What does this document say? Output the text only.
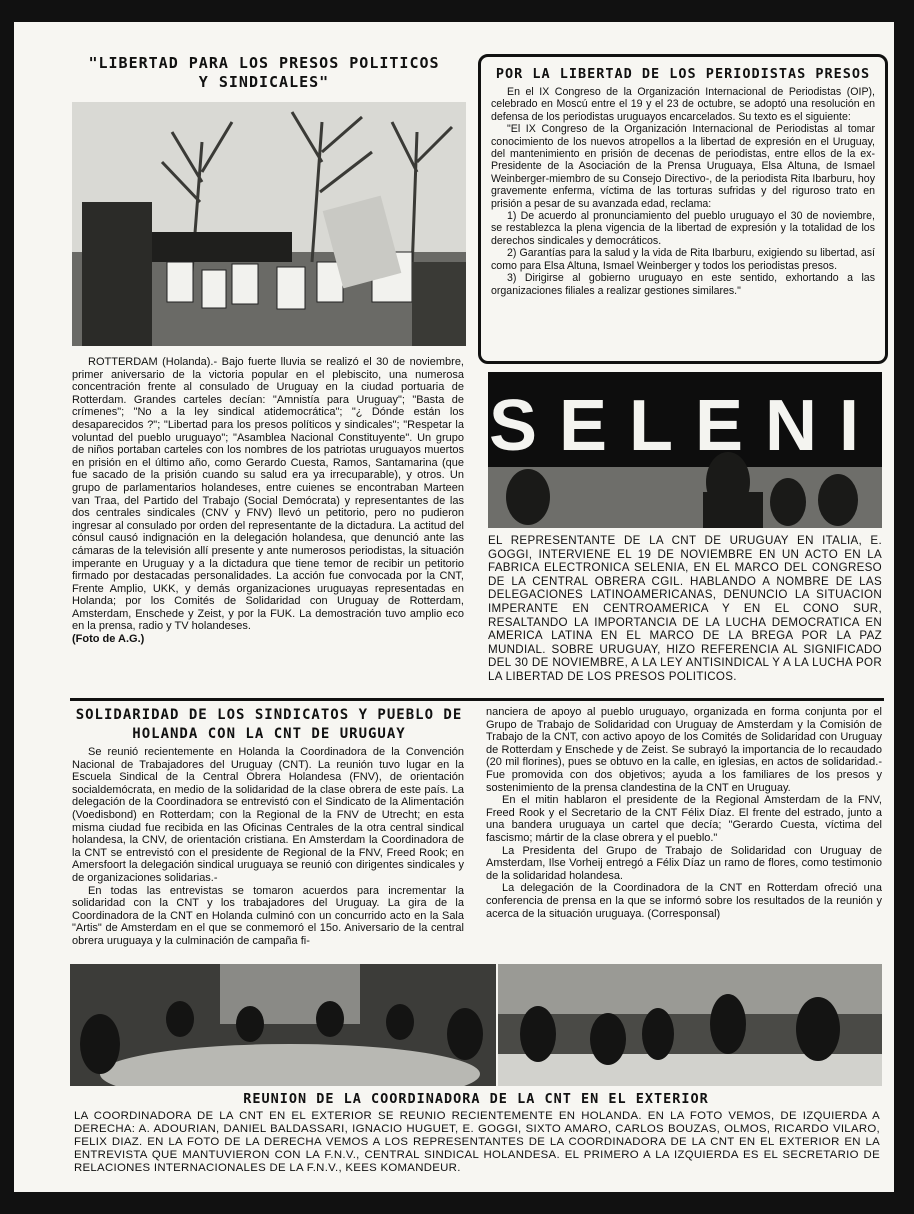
"LIBERTAD PARA LOS PRESOS POLITICOS
Y SINDICALES"

ROTTERDAM (Holanda).- Bajo fuerte lluvia se realizó el 30 de noviembre, primer aniversario de la victoria popular en el plebiscito, una numerosa concentración frente al consulado de Uruguay en la ciudad portuaria de Rotterdam. Grandes carteles decían: "Amnistía para Uruguay"; "Basta de crímenes"; "No a la ley sindical atidemocrática"; "¿ Dónde están los desaparecidos ?"; "Libertad para los presos políticos y sindicales"; "Respetar la voluntad del pueblo uruguayo"; "Asamblea Nacional Constituyente". Un grupo de niños portaban carteles con los nombres de los patriotas uruguayos muertos en prisión en el último año, como Gerardo Cuesta, Ramos, Santamarina (que fue sacado de la prisión cuando su salud era ya irrecuparable), y otros. Un grupo de parlamentarios holandeses, entre cuienes se encontraban Marteen van Traa, del Partido del Trabajo (Social Demócrata) y representantes de las dos centrales sindicales (CNV y FNV) llevó un petitorio, pero no pudieron ingresar al consulado por orden del representante de la dictadura. La actitud del cónsul causó indignación en la delegación holandesa, que denunció ante las cámaras de la televisión allí presente y ante numerosos periodistas, la situación imperante en Uruguay y a la dictadura que tiene temor de recibir un petitorio firmado por destacadas personalidades. La acción fue convocada por la CNT, Frente Amplio, UKK, y demás organizaciones uruguayas representadas en Holanda; por los Comités de Solidaridad con Uruguay de Rotterdam, Amsterdam, Enschede y Zeist, y por la FUK. La demostración tuvo amplio eco en la prensa, radio y TV holandeses.

(Foto de A.G.)
POR LA LIBERTAD DE LOS PERIODISTAS PRESOS

En el IX Congreso de la Organización Internacional de Periodistas (OIP), celebrado en Moscú entre el 19 y el 23 de octubre, se adoptó una resolución en defensa de los periodistas uruguayos encarcelados. Su texto es el siguiente:

"El IX Congreso de la Organización Internacional de Periodistas al tomar conocimiento de los nuevos atropellos a la libertad de expresión en el Uruguay, del mantenimiento en prisión de decenas de periodistas, entre ellos de la ex-Presidente de la Asociación de la Prensa Uruguaya, Elsa Altuna, de Ismael Weinberger-miembro de su Consejo Directivo-, de la periodista Rita Ibarburu, hoy gravemente enferma, víctima de las torturas sufridas y del riguroso trato en prisión a pesar de su avanzada edad, reclama:

1) De acuerdo al pronunciamiento del pueblo uruguayo el 30 de noviembre, se restablezca la plena vigencia de la libertad de expresión y la totalidad de los derechos sindicales y democráticos.

2) Garantías para la salud y la vida de Rita Ibarburu, exigiendo su libertad, así como para Elsa Altuna, Ismael Weinberger y todos los periodistas presos.

3) Dirigirse al gobierno uruguayo en este sentido, exhortando a las organizaciones filiales a realizar gestiones similares."

SELENI
EL REPRESENTANTE DE LA CNT DE URUGUAY EN ITALIA, E. GOGGI, INTERVIENE EL 19 DE NOVIEMBRE EN UN ACTO EN LA FABRICA ELECTRONICA SELENIA, EN EL MARCO DEL CONGRESO DE LA CENTRAL OBRERA CGIL. HABLANDO A NOMBRE DE LAS DELEGACIONES LATINOAMERICANAS, DENUNCIO LA SITUACION IMPERANTE EN CENTROAMERICA Y EN EL CONO SUR, RESALTANDO LA IMPORTANCIA DE LA LUCHA DEMOCRATICA EN AMERICA LATINA EN EL MARCO DE LA BREGA POR LA PAZ MUNDIAL. SOBRE URUGUAY, HIZO REFERENCIA AL SIGNIFICADO DEL 30 DE NOVIEMBRE, A LA LEY ANTISINDICAL Y A LA LUCHA POR LA LIBERTAD DE LOS PRESOS POLITICOS.
SOLIDARIDAD DE LOS SINDICATOS Y PUEBLO DE
HOLANDA CON LA CNT DE URUGUAY

Se reunió recientemente en Holanda la Coordinadora de la Convención Nacional de Trabajadores del Uruguay (CNT). La reunión tuvo lugar en la Escuela Sindical de la Central Obrera Holandesa (FNV), de orientación socialdemócrata, en medio de la solidaridad de la clase obrera de este país. La delegación de la Coordinadora se entrevistó con el Sindicato de la Alimentación (Voedisbond) en Rotterdam; con la Regional de la FNV de Utrecht; en esta misma ciudad fue recibida en las Oficinas Centrales de la otra central sindical holandesa, la CNV, de orientación cristiana. En Amsterdam la Coordinadora de la CNT se entrevistó con el presidente de Regional de la FNV, Freed Rook; en Amersfoort la delegación sindical uruguaya se reunió con dirigentes sindicales y de organizaciones solidarias.-

En todas las entrevistas se tomaron acuerdos para incrementar la solidaridad con la CNT y los trabajadores del Uruguay. La gira de la Coordinadora de la CNT en Holanda culminó con un concurrido acto en la Sala "Artis" de Amsterdam en el que se conmemoró el 15o. Aniversario de la central obrera uruguaya y la culminación de campaña fi-

nanciera de apoyo al pueblo uruguayo, organizada en forma conjunta por el Grupo de Trabajo de Solidaridad con Uruguay de Amsterdam y la Comisión de Trabajo de la CNT, con activo apoyo de los Comités de Solidaridad con Uruguay de Rotterdam y Enschede y de Zeist. Se subrayó la importancia de lo recaudado (20 mil florines), pues se obtuvo en la calle, en iglesias, en actos de solidaridad.- Fue promovida con dos objetivos; ayuda a los familiares de los presos y sostenimiento de la prensa clandestina de la CNT en Uruguay.

En el mitin hablaron el presidente de la Regional Amsterdam de la FNV, Freed Rook y el Secretario de la CNT Félix Díaz. El frente del estrado, junto a una bandera uruguaya un cartel que decía; "Gerardo Cuesta, víctima del fascismo; mártir de la clase obrera y el pueblo."

La Presidenta del Grupo de Trabajo de Solidaridad con Uruguay de Amsterdam, Ilse Vorheij entregó a Félix Díaz un ramo de flores, como testimonio de la solidaridad holandesa.

La delegación de la Coordinadora de la CNT en Rotterdam ofreció una conferencia de prensa en la que se informó sobre los resultados de la reunión y acerca de la situación uruguaya. (Corresponsal)

REUNION DE LA COORDINADORA DE LA CNT EN EL EXTERIOR
LA COORDINADORA DE LA CNT EN EL EXTERIOR SE REUNIO RECIENTEMENTE EN HOLANDA. EN LA FOTO VEMOS, DE IZQUIERDA A DERECHA: A. ADOURIAN, DANIEL BALDASSARI, IGNACIO HUGUET, E. GOGGI, SIXTO AMARO, CARLOS BOUZAS, OLMOS, RICARDO VILARO, FELIX DIAZ. EN LA FOTO DE LA DERECHA VEMOS A LOS REPRESENTANTES DE LA COORDINADORA DE LA CNT EN EL EXTERIOR EN LA ENTREVISTA QUE MANTUVIERON CON LA F.N.V., CENTRAL SINDICAL HOLANDESA. EL PRIMERO A LA IZQUIERDA ES EL SECRETARIO DE RELACIONES INTERNACIONALES DE LA F.N.V., KEES KOMANDEUR.
